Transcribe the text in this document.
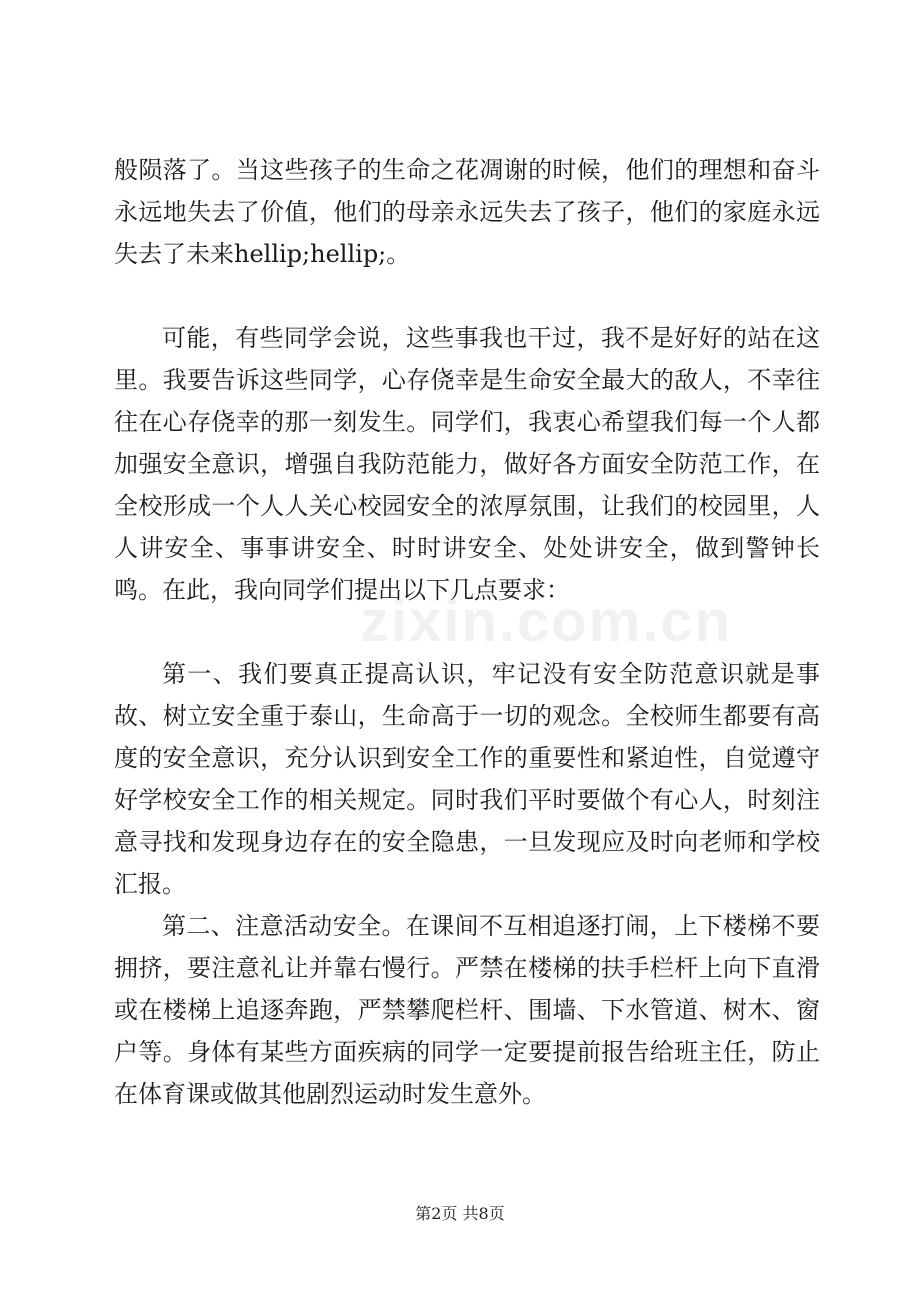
zixin.com.cn

般陨落了。当这些孩子的生命之花凋谢的时候，他们的理想和奋斗永远地失去了价值，他们的母亲永远失去了孩子，他们的家庭永远失去了未来hellip;hellip;。

可能，有些同学会说，这些事我也干过，我不是好好的站在这里。我要告诉这些同学，心存侥幸是生命安全最大的敌人，不幸往往在心存侥幸的那一刻发生。同学们，我衷心希望我们每一个人都加强安全意识，增强自我防范能力，做好各方面安全防范工作，在全校形成一个人人关心校园安全的浓厚氛围，让我们的校园里，人人讲安全、事事讲安全、时时讲安全、处处讲安全，做到警钟长鸣。在此，我向同学们提出以下几点要求：

第一、我们要真正提高认识，牢记没有安全防范意识就是事故、树立安全重于泰山，生命高于一切的观念。全校师生都要有高度的安全意识，充分认识到安全工作的重要性和紧迫性，自觉遵守好学校安全工作的相关规定。同时我们平时要做个有心人，时刻注意寻找和发现身边存在的安全隐患，一旦发现应及时向老师和学校汇报。

第二、注意活动安全。在课间不互相追逐打闹，上下楼梯不要拥挤，要注意礼让并靠右慢行。严禁在楼梯的扶手栏杆上向下直滑或在楼梯上追逐奔跑，严禁攀爬栏杆、围墙、下水管道、树木、窗户等。身体有某些方面疾病的同学一定要提前报告给班主任，防止在体育课或做其他剧烈运动时发生意外。

第2页 共8页
